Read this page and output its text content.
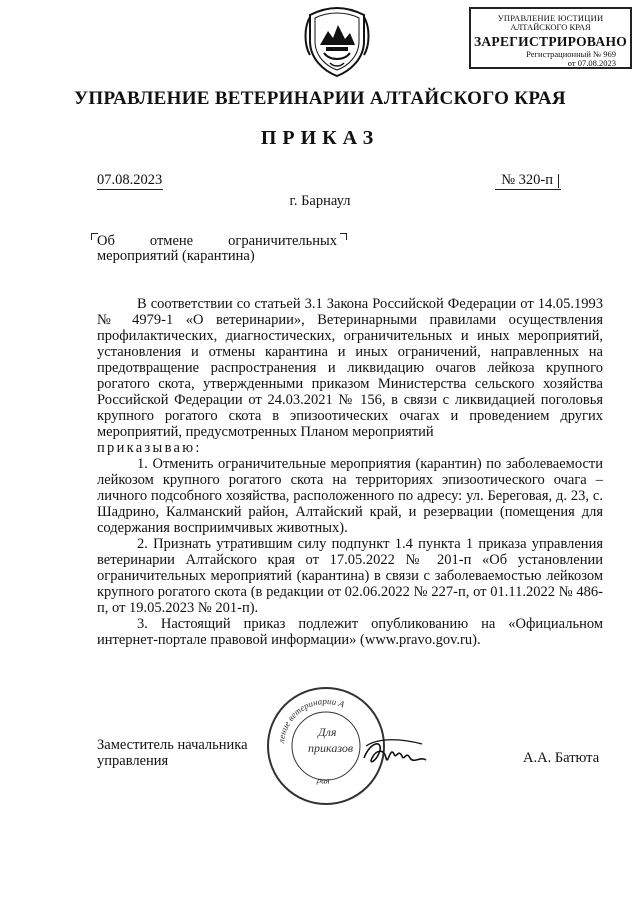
УПРАВЛЕНИЕ ЮСТИЦИИ
АЛТАЙСКОГО КРАЯ
ЗАРЕГИСТРИРОВАНО
Регистрационный № 969
от 07.08.2023
УПРАВЛЕНИЕ ВЕТЕРИНАРИИ АЛТАЙСКОГО КРАЯ
ПРИКАЗ
07.08.2023	№ 320-п
г. Барнаул
Об отмене ограничительных
мероприятий (карантина)

В соответствии со статьей 3.1 Закона Российской Федерации от 14.05.1993 № 4979-1 «О ветеринарии», Ветеринарными правилами осуществления профилактических, диагностических, ограничительных и иных мероприятий, установления и отмены карантина и иных ограничений, направленных на предотвращение распространения и ликвидацию очагов лейкоза крупного рогатого скота, утвержденными приказом Министерства сельского хозяйства Российской Федерации от 24.03.2021 № 156, в связи с ликвидацией поголовья крупного рогатого скота в эпизоотических очагах и проведением других мероприятий, предусмотренных Планом мероприятий

приказываю:

1. Отменить ограничительные мероприятия (карантин) по заболеваемости лейкозом крупного рогатого скота на территориях эпизоотического очага – личного подсобного хозяйства, расположенного по адресу: ул. Береговая, д. 23, с. Шадрино, Калманский район, Алтайский край, и резервации (помещения для содержания восприимчивых животных).

2. Признать утратившим силу подпункт 1.4 пункта 1 приказа управления ветеринарии Алтайского края от 17.05.2022 № 201-п «Об установлении ограничительных мероприятий (карантина) в связи с заболеваемостью лейкозом крупного рогатого скота (в редакции от 02.06.2022 № 227-п, от 01.11.2022 № 486-п, от 19.05.2023 № 201-п).

3. Настоящий приказ подлежит опубликованию на «Официальном интернет-портале правовой информации» (www.pravo.gov.ru).

ление ветеринарии А
рая
Для
приказов
Заместитель начальника
управления	А.А. Батюта
